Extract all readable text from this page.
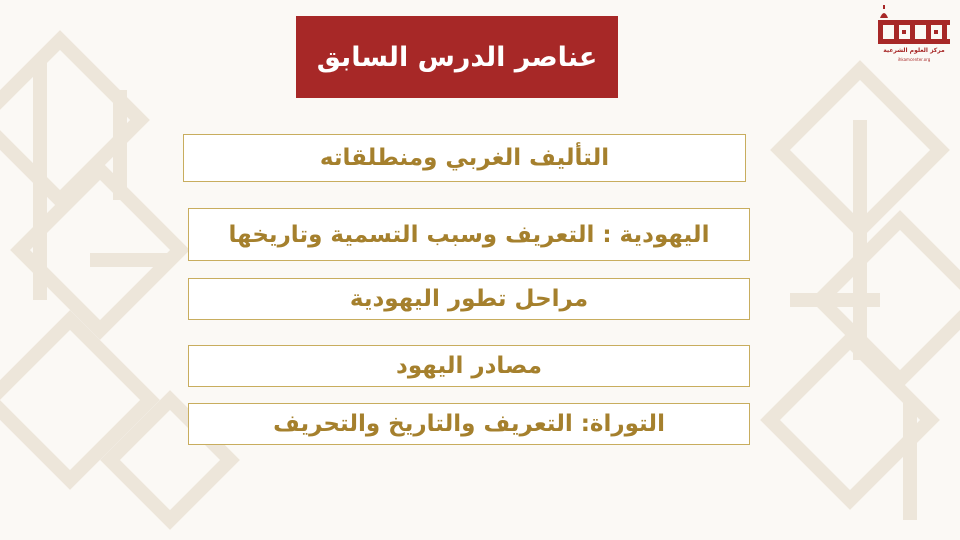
عناصر الدرس السابق
التأليف الغربي ومنطلقاته
اليهودية : التعريف وسبب التسمية وتاريخها
مراحل تطور اليهودية
مصادر اليهود
التوراة: التعريف والتاريخ والتحريف
مركز العلوم الشرعية
ihkamcenter.org
